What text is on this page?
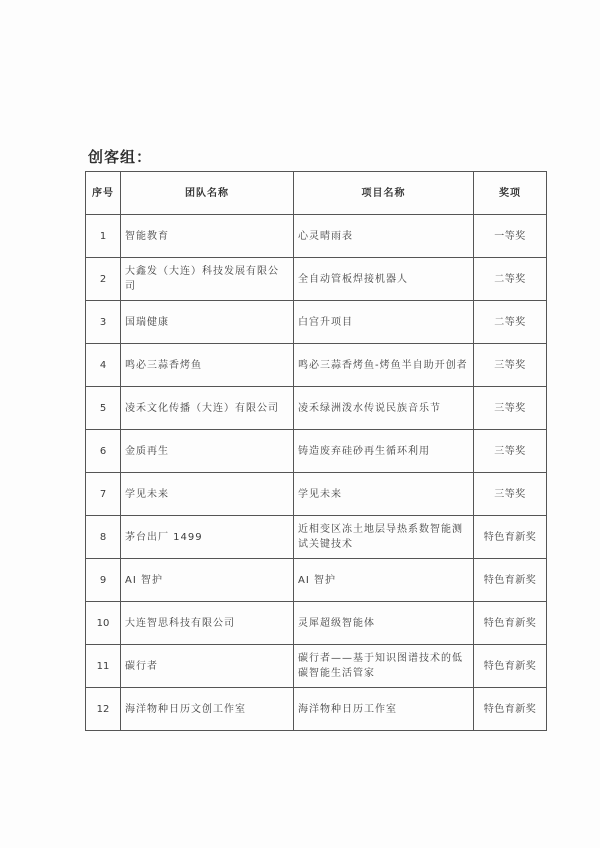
创客组：
序号	团队名称	项目名称	奖项
1	智能教育	心灵晴雨表	一等奖
2	大鑫发（大连）科技发展有限公司	全自动管板焊接机器人	二等奖
3	国瑞健康	白宫升项目	二等奖
4	鸣必三蒜香烤鱼	鸣必三蒜香烤鱼-烤鱼半自助开创者	三等奖
5	凌禾文化传播（大连）有限公司	凌禾绿洲泼水传说民族音乐节	三等奖
6	金质再生	铸造废弃硅砂再生循环利用	三等奖
7	学见未来	学见未来	三等奖
8	茅台出厂 1499	近相变区冻土地层导热系数智能测试关键技术	特色育新奖
9	AI 智护	AI 智护	特色育新奖
10	大连智思科技有限公司	灵犀超级智能体	特色育新奖
11	碳行者	碳行者——基于知识图谱技术的低碳智能生活管家	特色育新奖
12	海洋物种日历文创工作室	海洋物种日历工作室	特色育新奖
